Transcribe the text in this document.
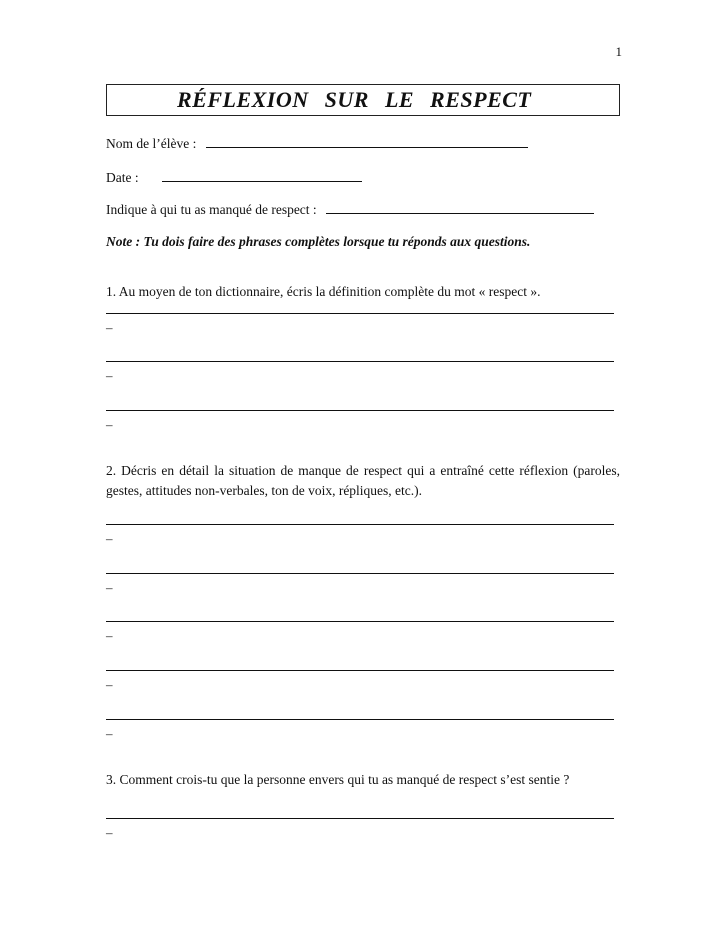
1
RÉFLEXION SUR LE RESPECT
Nom de l’élève :
Date :
Indique à qui tu as manqué de respect :
Note : Tu dois faire des phrases complètes lorsque tu réponds aux questions.
1. Au moyen de ton dictionnaire, écris la définition complète du mot « respect ».
–
–
–
2. Décris en détail la situation de manque de respect qui a entraîné cette réflexion (paroles, gestes, attitudes non-verbales, ton de voix, répliques, etc.).
–
–
–
–
–
3. Comment crois-tu que la personne envers qui tu as manqué de respect s’est sentie ?
–
